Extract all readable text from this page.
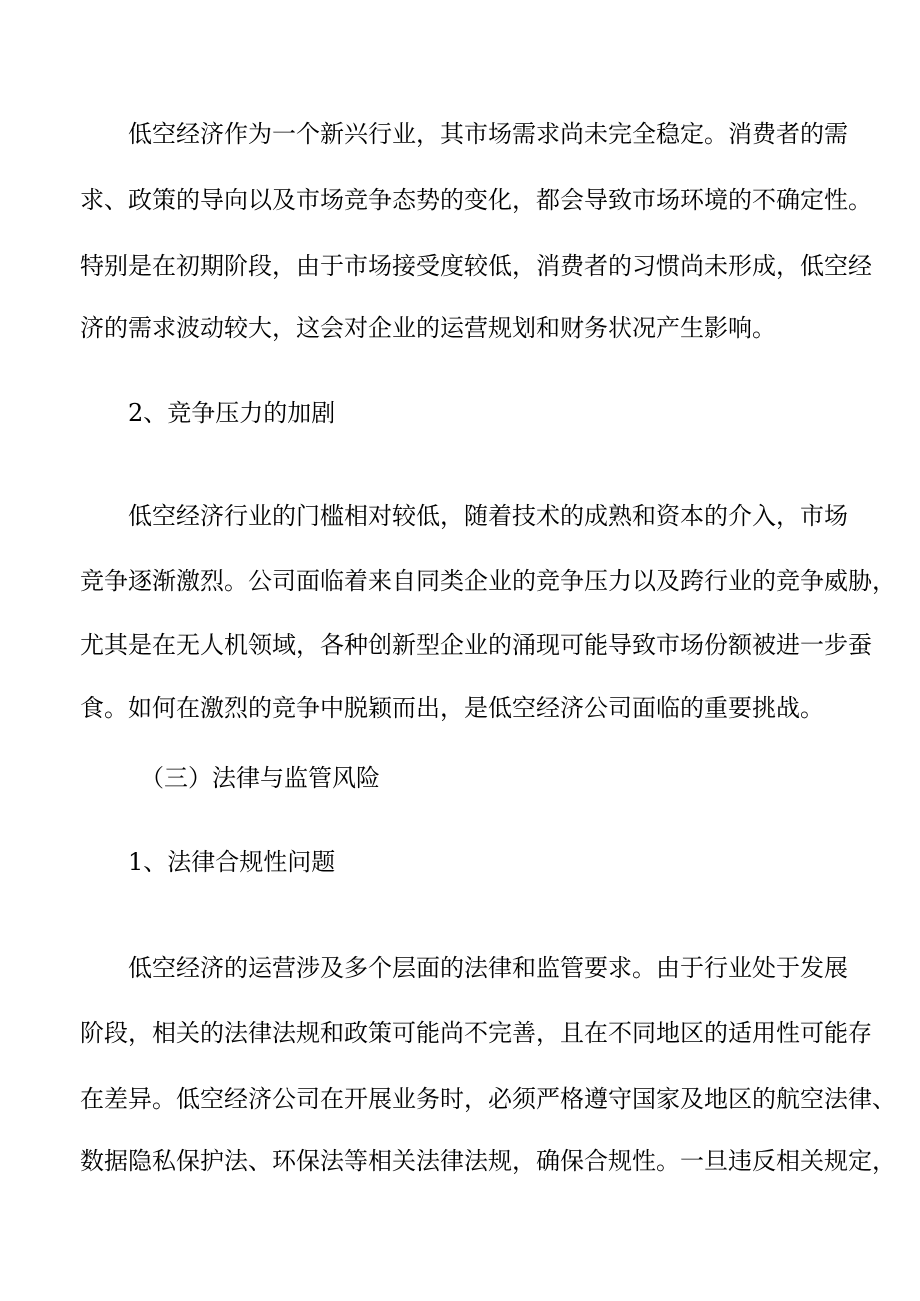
　　低空经济作为一个新兴行业，其市场需求尚未完全稳定。消费者的需
求、政策的导向以及市场竞争态势的变化，都会导致市场环境的不确定性。
特别是在初期阶段，由于市场接受度较低，消费者的习惯尚未形成，低空经
济的需求波动较大，这会对企业的运营规划和财务状况产生影响。
2、竞争压力的加剧
　　低空经济行业的门槛相对较低，随着技术的成熟和资本的介入，市场
竞争逐渐激烈。公司面临着来自同类企业的竞争压力以及跨行业的竞争威胁，
尤其是在无人机领域，各种创新型企业的涌现可能导致市场份额被进一步蚕
食。如何在激烈的竞争中脱颖而出，是低空经济公司面临的重要挑战。
（三）法律与监管风险
1、法律合规性问题
　　低空经济的运营涉及多个层面的法律和监管要求。由于行业处于发展
阶段，相关的法律法规和政策可能尚不完善，且在不同地区的适用性可能存
在差异。低空经济公司在开展业务时，必须严格遵守国家及地区的航空法律、
数据隐私保护法、环保法等相关法律法规，确保合规性。一旦违反相关规定，
